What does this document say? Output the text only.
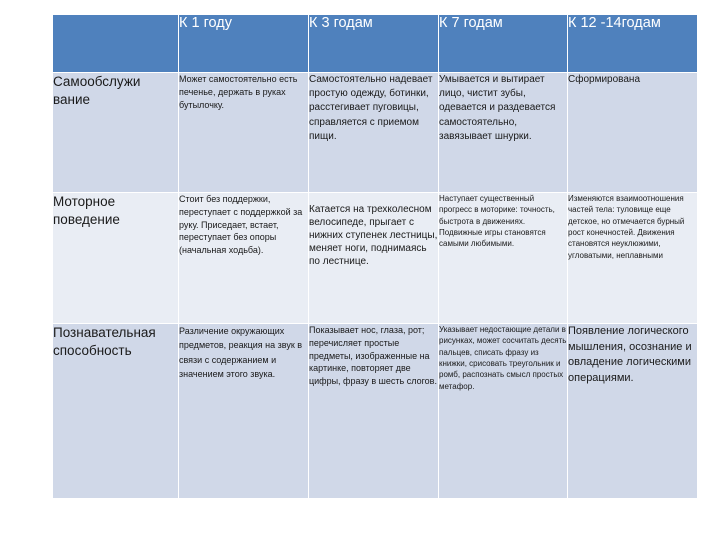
	К 1 году	К 3 годам	К 7 годам	К 12 -14годам
Самообслужи вание	Может самостоятельно есть печенье, держать в руках бутылочку.	Самостоятельно надевает простую одежду, ботинки, расстегивает пуговицы, справляется с приемом пищи.	Умывается и вытирает лицо, чистит зубы, одевается и раздевается самостоятельно, завязывает шнурки.	Сформирована
Моторное поведение	Стоит без поддержки, переступает с поддержкой за руку. Приседает, встает, переступает без опоры (начальная ходьба).	Катается на трехколесном велосипеде, прыгает с нижних ступенек лестницы, меняет ноги, поднимаясь по лестнице.	Наступает существенный прогресс в моторике: точность, быстрота в движениях. Подвижные игры становятся самыми любимыми.	Изменяются взаимоотношения частей тела: туловище еще детское, но отмечается бурный рост конечностей. Движения становятся неуклюжими, угловатыми, неплавными
Познавательная способность	Различение окружающих предметов, реакция на звук в связи с содержанием и значением этого звука.	Показывает нос, глаза, рот; перечисляет простые предметы, изображенные на картинке, повторяет две цифры, фразу в шесть слогов.	Указывает недостающие детали в рисунках, может сосчитать десять пальцев, списать фразу из книжки, срисовать треугольник и ромб, распознать смысл простых метафор.	Появление логического мышления, осознание и овладение логическими операциями.
